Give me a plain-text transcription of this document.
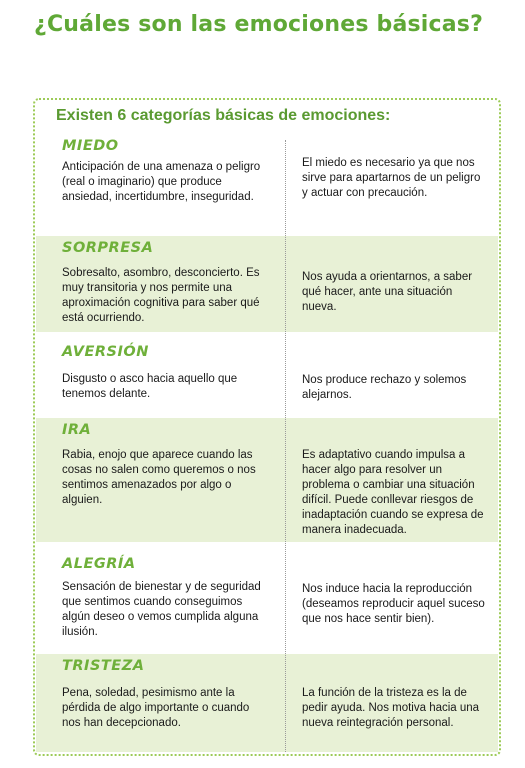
¿Cuáles son las emociones básicas?
Existen 6 categorías básicas de emociones:
MIEDO
Anticipación de una amenaza o peligro (real o imaginario) que produce ansiedad, incertidumbre, inseguridad.
El miedo es necesario ya que nos sirve para apartarnos de un peligro y actuar con precaución.
SORPRESA
Sobresalto, asombro, desconcierto. Es muy transitoria y nos permite una aproximación cognitiva para saber qué está ocurriendo.
Nos ayuda a orientarnos, a saber qué hacer, ante una situación nueva.
AVERSIÓN
Disgusto o asco hacia aquello que tenemos delante.
Nos produce rechazo y solemos alejarnos.
IRA
Rabia, enojo que aparece cuando las cosas no salen como queremos o nos sentimos amenazados por algo o alguien.
Es adaptativo cuando impulsa a hacer algo para resolver un problema o cambiar una situación difícil. Puede conllevar riesgos de inadaptación cuando se expresa de manera inadecuada.
ALEGRÍA
Sensación de bienestar y de seguridad que sentimos cuando conseguimos algún deseo o vemos cumplida alguna ilusión.
Nos induce hacia la reproducción (deseamos reproducir aquel suceso que nos hace sentir bien).
TRISTEZA
Pena, soledad, pesimismo ante la pérdida de algo importante o cuando nos han decepcionado.
La función de la tristeza es la de pedir ayuda. Nos motiva hacia una nueva reintegración personal.
